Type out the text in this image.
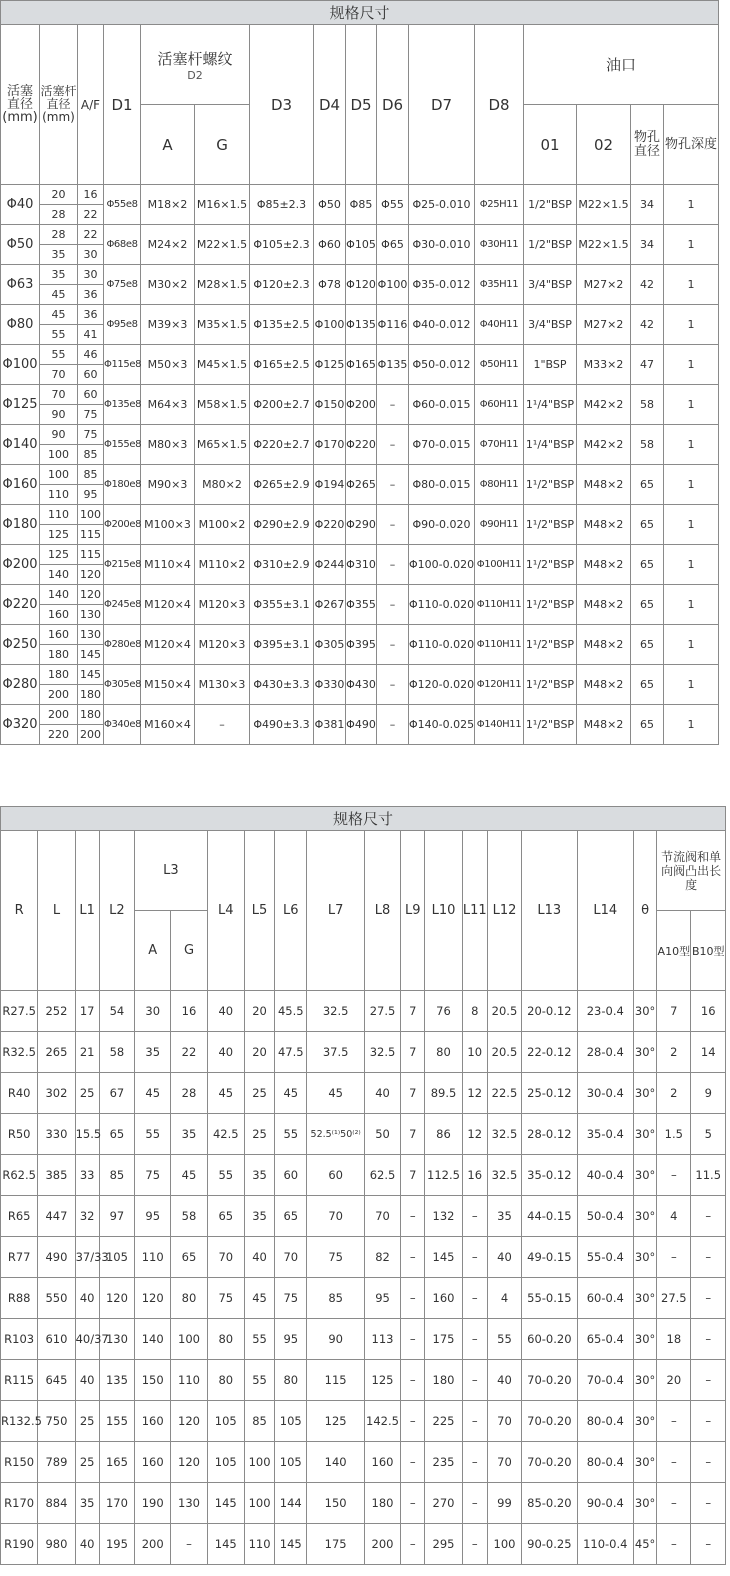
规格尺寸															
活塞直径(mm)	活塞杆直径(mm)	A/F	D1	活塞杆螺纹
D2		D3	D4	D5	D6	D7	D8	油口			
				A	G							01	02	物孔直径	物孔深度
Φ40	20	16	Φ55e8	M18×2	M16×1.5	Φ85±2.3	Φ50	Φ85	Φ55	Φ25-0.010	Φ25H11	1/2"BSP	M22×1.5	34	1
	28	22													
Φ50	28	22	Φ68e8	M24×2	M22×1.5	Φ105±2.3	Φ60	Φ105	Φ65	Φ30-0.010	Φ30H11	1/2"BSP	M22×1.5	34	1
	35	30													
Φ63	35	30	Φ75e8	M30×2	M28×1.5	Φ120±2.3	Φ78	Φ120	Φ100	Φ35-0.012	Φ35H11	3/4"BSP	M27×2	42	1
	45	36													
Φ80	45	36	Φ95e8	M39×3	M35×1.5	Φ135±2.5	Φ100	Φ135	Φ116	Φ40-0.012	Φ40H11	3/4"BSP	M27×2	42	1
	55	41													
Φ100	55	46	Φ115e8	M50×3	M45×1.5	Φ165±2.5	Φ125	Φ165	Φ135	Φ50-0.012	Φ50H11	1"BSP	M33×2	47	1
	70	60													
Φ125	70	60	Φ135e8	M64×3	M58×1.5	Φ200±2.7	Φ150	Φ200	–	Φ60-0.015	Φ60H11	1¹/4"BSP	M42×2	58	1
	90	75													
Φ140	90	75	Φ155e8	M80×3	M65×1.5	Φ220±2.7	Φ170	Φ220	–	Φ70-0.015	Φ70H11	1¹/4"BSP	M42×2	58	1
	100	85													
Φ160	100	85	Φ180e8	M90×3	M80×2	Φ265±2.9	Φ194	Φ265	–	Φ80-0.015	Φ80H11	1¹/2"BSP	M48×2	65	1
	110	95													
Φ180	110	100	Φ200e8	M100×3	M100×2	Φ290±2.9	Φ220	Φ290	–	Φ90-0.020	Φ90H11	1¹/2"BSP	M48×2	65	1
	125	115													
Φ200	125	115	Φ215e8	M110×4	M110×2	Φ310±2.9	Φ244	Φ310	–	Φ100-0.020	Φ100H11	1¹/2"BSP	M48×2	65	1
	140	120													
Φ220	140	120	Φ245e8	M120×4	M120×3	Φ355±3.1	Φ267	Φ355	–	Φ110-0.020	Φ110H11	1¹/2"BSP	M48×2	65	1
	160	130													
Φ250	160	130	Φ280e8	M120×4	M120×3	Φ395±3.1	Φ305	Φ395	–	Φ110-0.020	Φ110H11	1¹/2"BSP	M48×2	65	1
	180	145													
Φ280	180	145	Φ305e8	M150×4	M130×3	Φ430±3.3	Φ330	Φ430	–	Φ120-0.020	Φ120H11	1¹/2"BSP	M48×2	65	1
	200	180													
Φ320	200	180	Φ340e8	M160×4	–	Φ490±3.3	Φ381	Φ490	–	Φ140-0.025	Φ140H11	1¹/2"BSP	M48×2	65	1
	220	200													
规格尺寸																			
R	L	L1	L2	L3		L4	L5	L6	L7	L8	L9	L10	L11	L12	L13	L14	θ	节流阀和单向阀凸出长度	
				A	G													A10型	B10型
R27.5	252	17	54	30	16	40	20	45.5	32.5	27.5	7	76	8	20.5	20-0.12	23-0.4	30°	7	16
R32.5	265	21	58	35	22	40	20	47.5	37.5	32.5	7	80	10	20.5	22-0.12	28-0.4	30°	2	14
R40	302	25	67	45	28	45	25	45	45	40	7	89.5	12	22.5	25-0.12	30-0.4	30°	2	9
R50	330	15.5	65	55	35	42.5	25	55	52.5⁽¹⁾50⁽²⁾	50	7	86	12	32.5	28-0.12	35-0.4	30°	1.5	5
R62.5	385	33	85	75	45	55	35	60	60	62.5	7	112.5	16	32.5	35-0.12	40-0.4	30°	–	11.5
R65	447	32	97	95	58	65	35	65	70	70	–	132	–	35	44-0.15	50-0.4	30°	4	–
R77	490	37/33	105	110	65	70	40	70	75	82	–	145	–	40	49-0.15	55-0.4	30°	–	–
R88	550	40	120	120	80	75	45	75	85	95	–	160	–	4	55-0.15	60-0.4	30°	27.5	–
R103	610	40/37	130	140	100	80	55	95	90	113	–	175	–	55	60-0.20	65-0.4	30°	18	–
R115	645	40	135	150	110	80	55	80	115	125	–	180	–	40	70-0.20	70-0.4	30°	20	–
R132.5	750	25	155	160	120	105	85	105	125	142.5	–	225	–	70	70-0.20	80-0.4	30°	–	–
R150	789	25	165	160	120	105	100	105	140	160	–	235	–	70	70-0.20	80-0.4	30°	–	–
R170	884	35	170	190	130	145	100	144	150	180	–	270	–	99	85-0.20	90-0.4	30°	–	–
R190	980	40	195	200	–	145	110	145	175	200	–	295	–	100	90-0.25	110-0.4	45°	–	–
